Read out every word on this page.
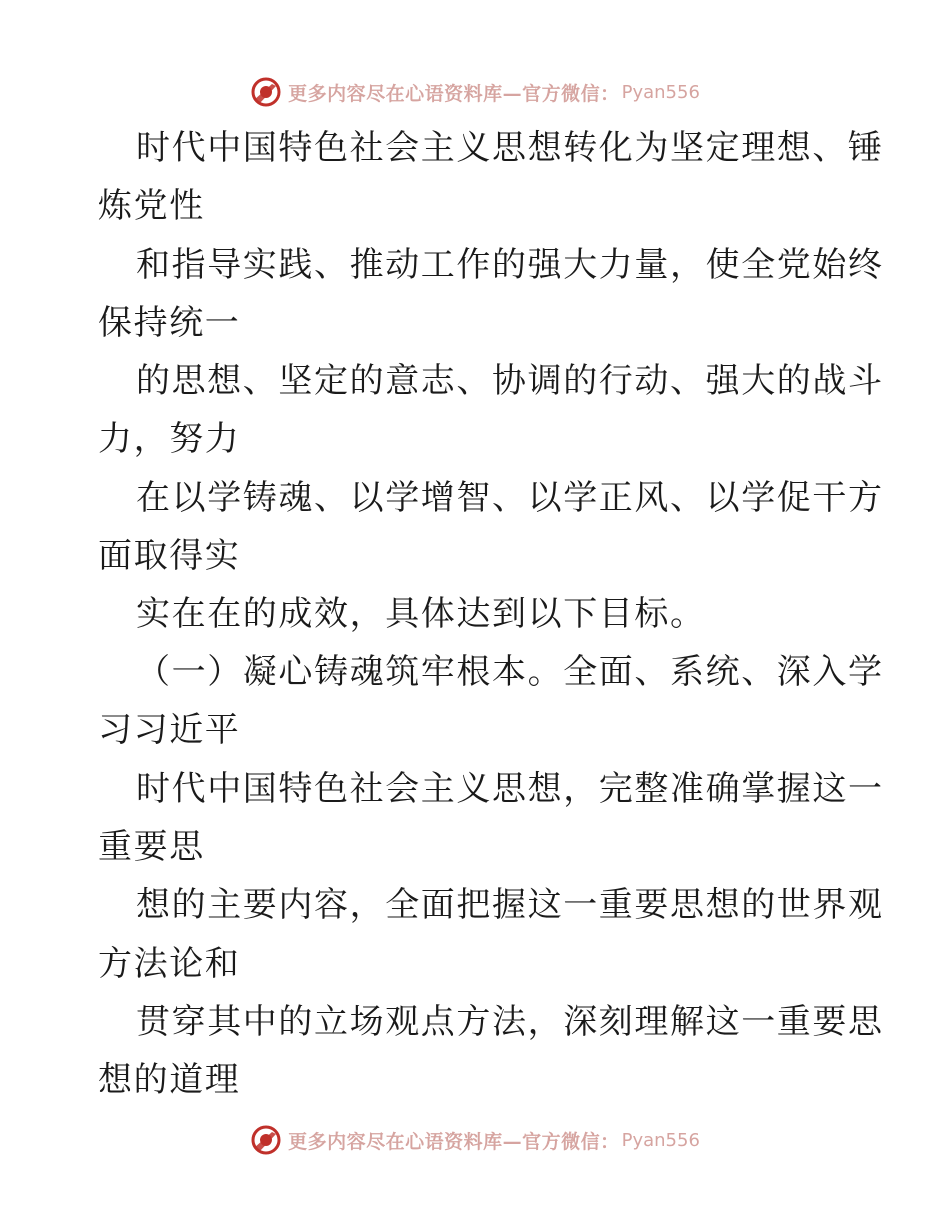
更多内容尽在心语资料库—官方微信： Pyan556
时代中国特色社会主义思想转化为坚定理想、锤
炼党性
和指导实践、推动工作的强大力量，使全党始终
保持统一
的思想、坚定的意志、协调的行动、强大的战斗
力，努力
在以学铸魂、以学增智、以学正风、以学促干方
面取得实
实在在的成效，具体达到以下目标。
（一）凝心铸魂筑牢根本。全面、系统、深入学
习习近平
时代中国特色社会主义思想，完整准确掌握这一
重要思
想的主要内容，全面把握这一重要思想的世界观
方法论和
贯穿其中的立场观点方法，深刻理解这一重要思
想的道理
更多内容尽在心语资料库—官方微信： Pyan556
